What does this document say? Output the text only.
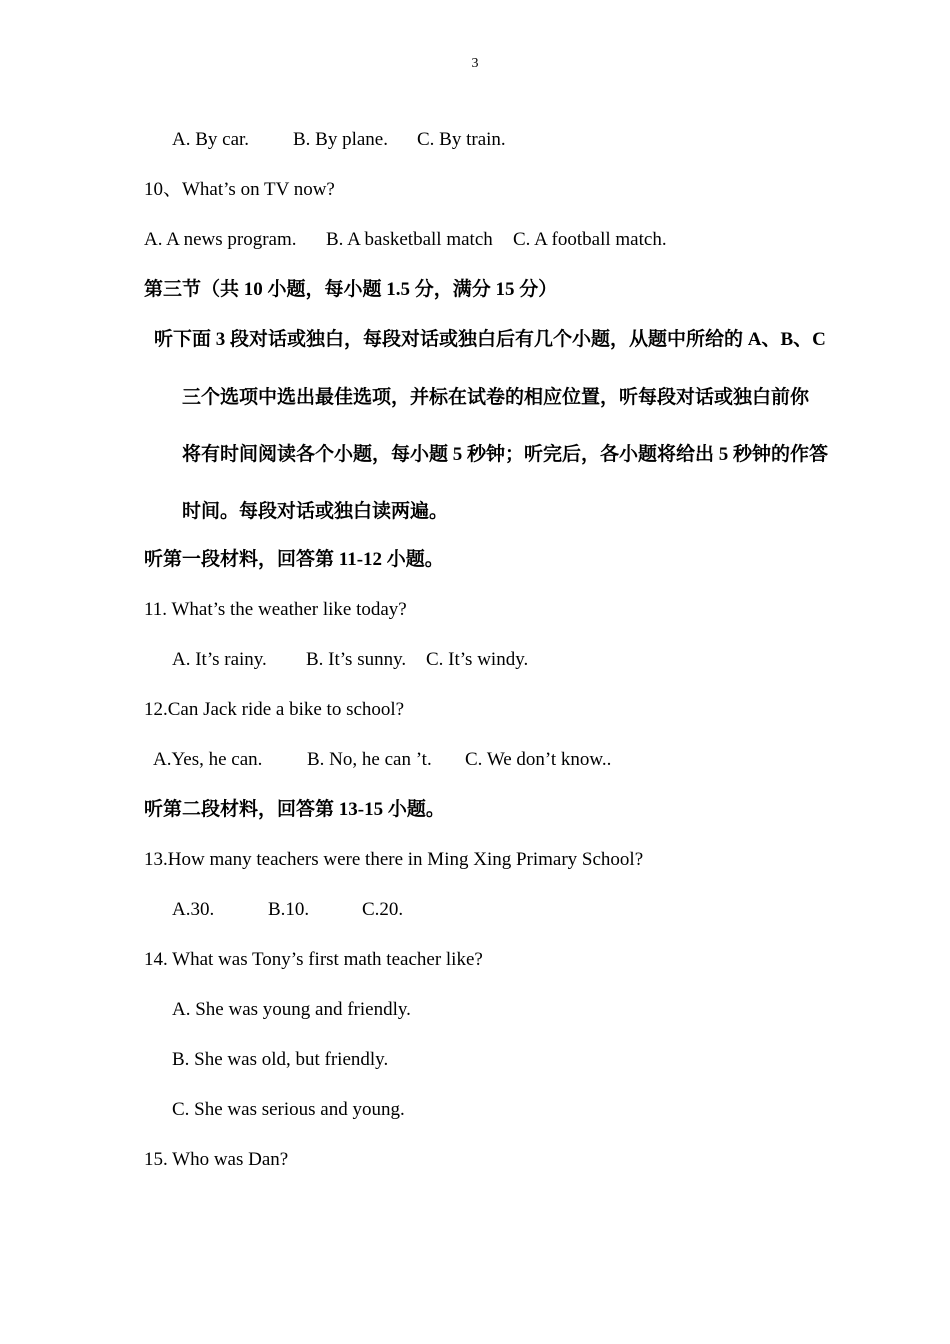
3
A. By car. B. By plane. C. By train.
10、What’s on TV now?
A. A news program. B. A basketball match C. A football match.
第三节（共 10 小题，每小题 1.5 分，满分 15 分）
听下面 3 段对话或独白，每段对话或独白后有几个小题，从题中所给的 A、B、C
三个选项中选出最佳选项，并标在试卷的相应位置，听每段对话或独白前你
将有时间阅读各个小题，每小题 5 秒钟；听完后，各小题将给出 5 秒钟的作答
时间。每段对话或独白读两遍。
听第一段材料，回答第 11-12 小题。
11. What’s the weather like today?
A. It’s rainy. B. It’s sunny. C. It’s windy.
12.Can Jack ride a bike to school?
A.Yes, he can. B. No, he can ’t. C. We don’t know..
听第二段材料，回答第 13-15 小题。
13.How many teachers were there in Ming Xing Primary School?
A.30.	B.10.	C.20.
14. What was Tony’s first math teacher like?
A. She was young and friendly.
B. She was old, but friendly.
C. She was serious and young.
15. Who was Dan?
